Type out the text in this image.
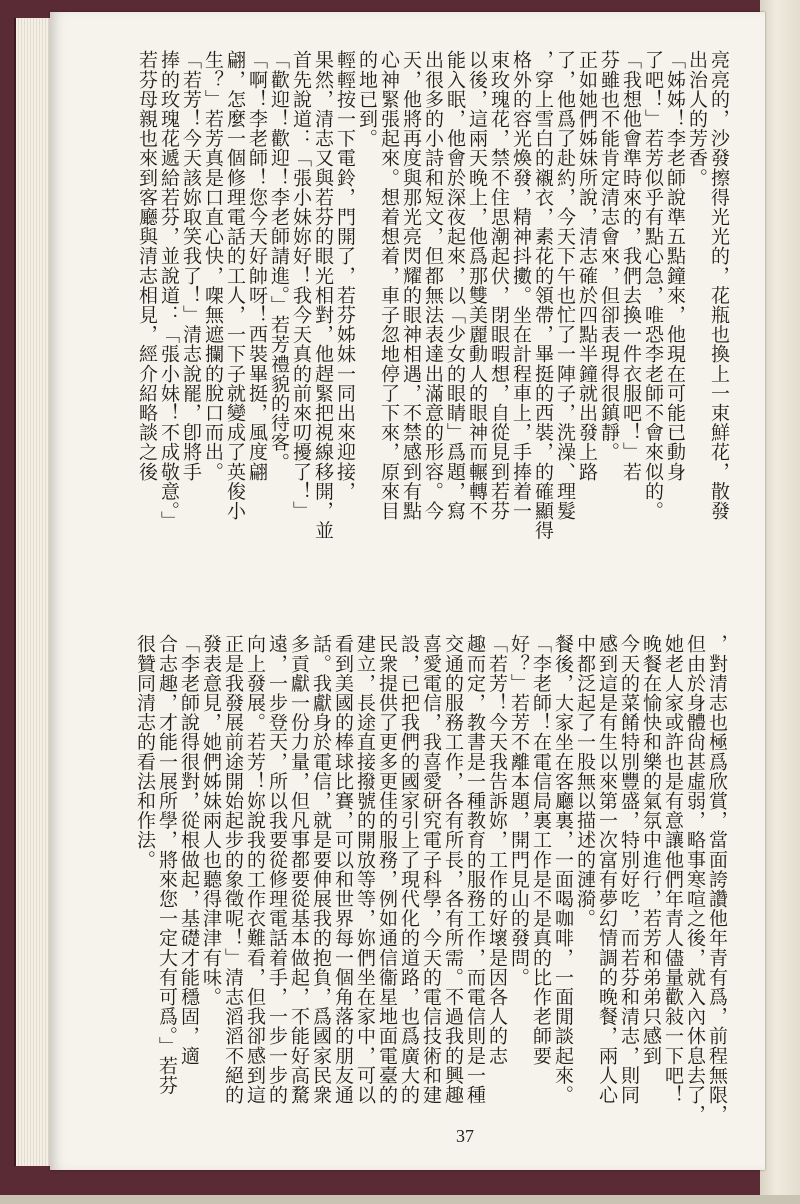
亮亮的，沙發擦得光光的，花瓶也換上一束鮮花，散發
出治人的芳香。
「姊姊！李老師說準五點鐘來，他現在可能已動身
了吧！」若芳似乎有點心急，唯恐李老師不會來似的。
「我想他會準時來的，我們去換一件衣服吧！」若
芬雖也不能肯定清志會來，但卻表現得很鎮靜。
正如她們姊妹所說，清志確於四點半鐘就出發上路
了，他爲了赴約，今天下午也忙了一陣子，洗澡、理髮
，穿上雪白的襯衣，素花的領帶，畢挺的西裝，的確顯得
格外的容光煥發，精神抖擻。坐在計程車上，手捧着一
束玫瑰花，禁不住思潮起伏，閉眼暇想，自從見到若芬
以後，這兩天晚上，他爲那雙美麗動人的眼神而輾轉不
能入眠，他會於深夜起來，以「少女的眼睛」爲題，寫
出很多的小詩和短文，但都無法表達出滿意的形容。今
天，他將再度與那光亮閃耀的眼神相遇，不禁感到有點
心神緊張起來。想着想着，車子忽地停了下來，原來目
的地已到。
輕輕按一下電鈴，門開了，若芬姊妹一同出來迎接，
果然，清志又與若芬的眼光相對，他趕緊把視線移開，並
首先說道：「張小妹妳好！我今天真的前來叨擾了！」
「歡迎！歡迎！李老師請進。」若芳禮貌的待客。
「啊！李老師！您今天好帥呀！西裝畢挺，風度翩
翩，怎麼一個修理電話的工人，一下子就變成了英俊小
生？」若芳真是口直心快，㗎無遮攔的脫口而出。
「若芳！今天該妳取笑我了！」清志說罷，卽將手
捧的玫瑰花遞給若芬，並說道：「張小妹！不成敬意。」
若芬母親也來到客廳與清志相見，經介紹略談之後
，對清志也極爲欣賞，當面誇讚他年青有爲，前程無限，
但由於身體尙甚虛弱，略事寒喧之後，就入內休息去了，
她老人家或許也是有意讓他們年青人儘量歡敍一下吧！
晚餐在愉快和樂的氣氛中進行，若芳和弟弟只感到
今天的菜餚特別豐盛，特別好吃，而若芬和清志，則同
感到這是有生以來第一次富有夢幻情調的晚餐，兩人心
中都泛起了一股無以描述的漣漪。
餐後，大家坐在客廳裏，一面喝咖啡，一面閒談起來。
「李老師！在電信局裏工作是不是真的比作老師要
好？」若芳不離本題，開門見山的發問。
「若芳！今天我告訴妳，工作的好壞是因各人的志
趣而定，教書是一種教育的服務工作，而電信則是一種
交通的服務工作，各有所長，各有所需。不過我的興趣
喜愛電信，我喜愛研究電子科學，今天的電信技術和建
設，已把我們的國家引上了現代化的道路，也爲廣大的
民衆提供了更多更佳的服務，例如通信衞星地面電臺的
建立，長途直接撥號的開放等等，妳們坐在家中，可以
看到美國的棒球比賽，可以和世界每一個角落的朋友通
話。我獻身於電信，就是要伸展我的抱負，爲國家民衆
多貢獻一份力量，但凡事都要從基本做起，不能好高騖
遠，一步登天，所以我要從修理電話着手，一步一步的
向上發展。若芳！妳說我的工作衣難看，但我卻感到這
正是我發展前途開始起步的象徵呢！」清志滔滔不絕的
發表意見，她們姊妹兩人也聽得津津有味。
「李老師說得很對，從根做起，基礎才能穩固，適
合志趣，才能一展所學，將來您一定大有可爲。」若芬
很贊同清志的看法和作法。
37
